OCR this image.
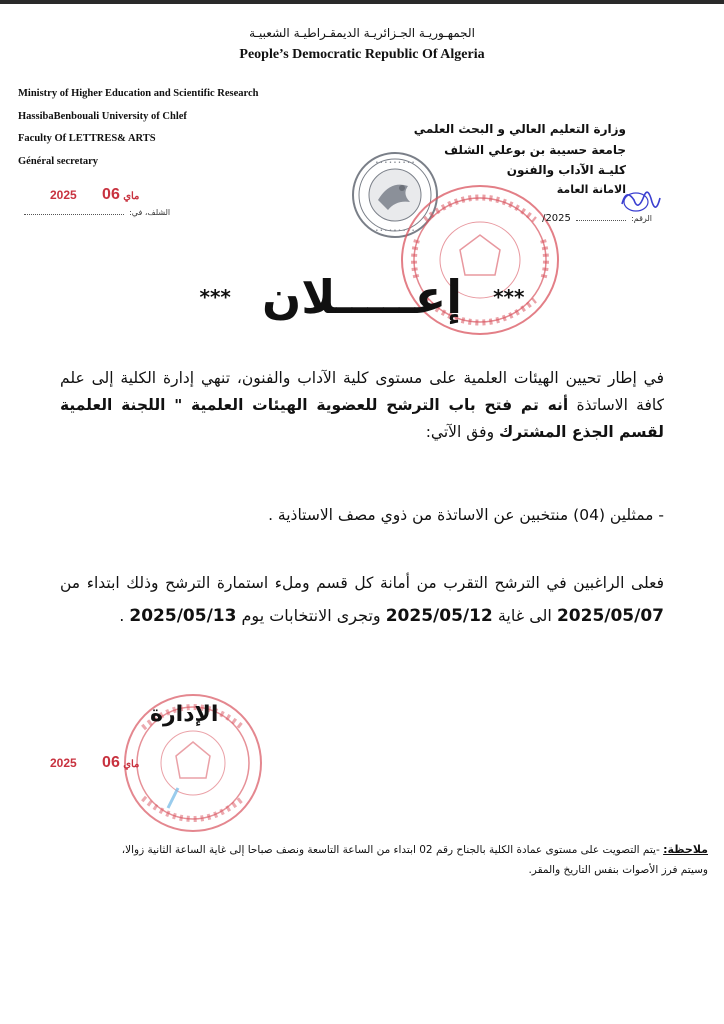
الجمهـوريـة الجـزائريـة الديمقـراطيـة الشعبيـة
People’s Democratic Republic Of Algeria
Ministry of Higher Education and Scientific Research
HassibaBenbouali University of Chlef
Faculty Of LETTRES& ARTS
Général secretary
وزارة التعليم العالي و البحث العلمي
جامعة حسيبة بن بوعلي الشلف
كليـة الآداب والفنون
الامانة العامة
2025 06 ماي
الشلف، في:
• • • • • • • • •
• • • • • • • • •
الرقم:  2025/
*** إعـــــلان ***
في إطار تحيين الهيئات العلمية على مستوى كلية الآداب والفنون، تنهي إدارة الكلية إلى علم كافة الاساتذة أنه تم فتح باب الترشح للعضوية الهيئات العلمية " اللجنة العلمية لقسم الجذع المشترك وفق الآتي:
- ممثلين (04) منتخبين عن الاساتذة من ذوي مصف الاستاذية .
فعلى الراغبين في الترشح التقرب من أمانة كل قسم وملء استمارة الترشح وذلك ابتداء من
2025/05/07 الى غاية 2025/05/12 وتجرى الانتخابات يوم 2025/05/13 .
الإدارة
2025 06 ماي
ملاحظة: -يتم التصويت على مستوى عمادة الكلية بالجناح رقم 02 ابتداء من الساعة التاسعة ونصف صباحا إلى غاية الساعة الثانية زوالا،
وسيتم فرز الأصوات بنفس التاريخ والمقر.
